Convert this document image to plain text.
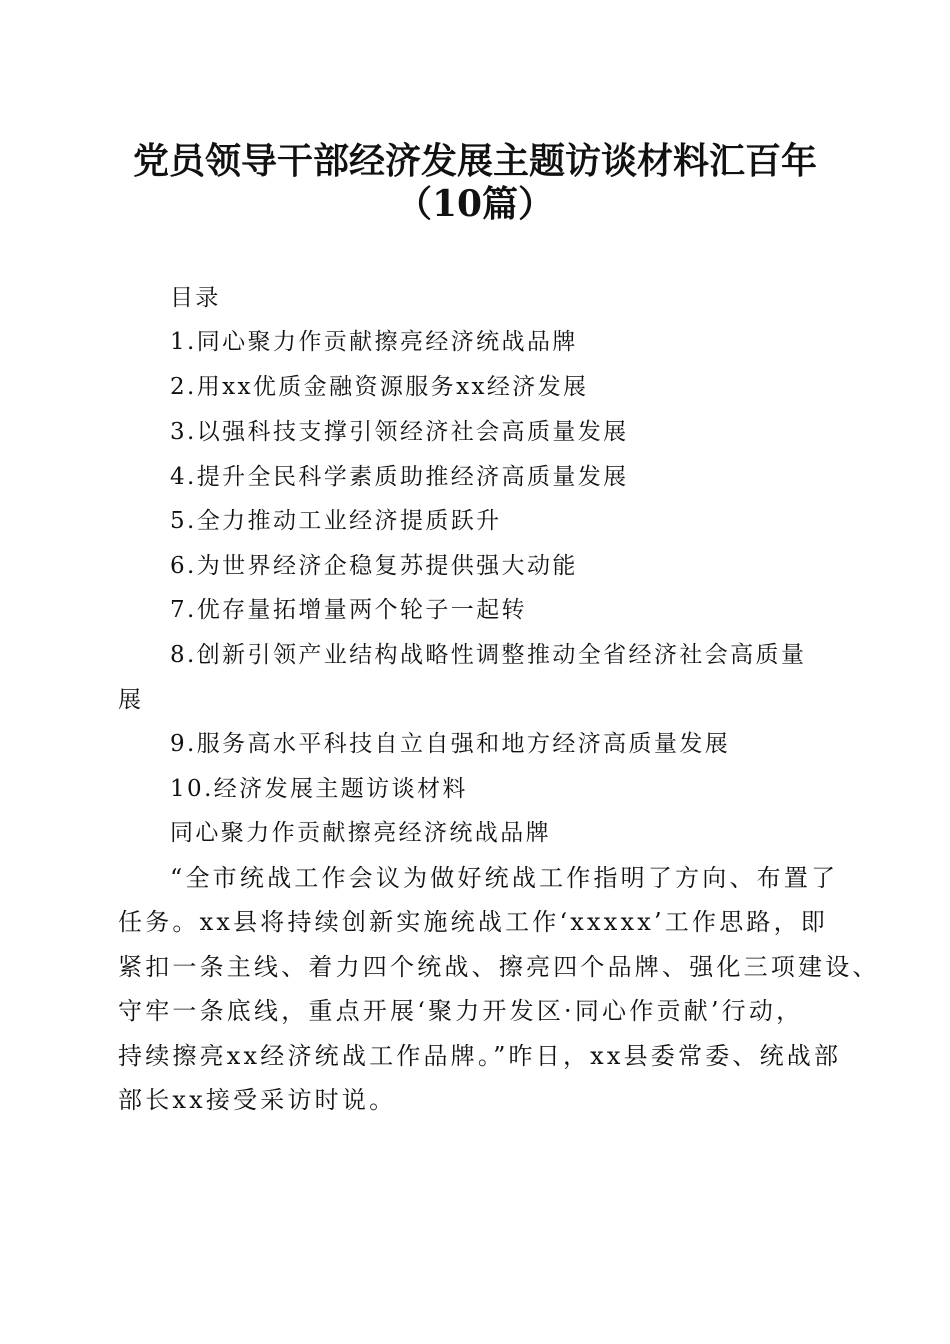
党员领导干部经济发展主题访谈材料汇百年
目录
1.同心聚力作贡献擦亮经济统战品牌
2.用xx优质金融资源服务xx经济发展
3.以强科技支撑引领经济社会高质量发展
4.提升全民科学素质助推经济高质量发展
5.全力推动工业经济提质跃升
6.为世界经济企稳复苏提供强大动能
7.优存量拓增量两个轮子一起转
8.创新引领产业结构战略性调整推动全省经济社会高质量
展
9.服务高水平科技自立自强和地方经济高质量发展
10.经济发展主题访谈材料
同心聚力作贡献擦亮经济统战品牌
“全市统战工作会议为做好统战工作指明了方向、布置了
任务。xx县将持续创新实施统战工作‘xxxxx’工作思路，即
紧扣一条主线、着力四个统战、擦亮四个品牌、强化三项建设、
守牢一条底线，重点开展‘聚力开发区·同心作贡献’行动，
持续擦亮xx经济统战工作品牌。”昨日，xx县委常委、统战部
部长xx接受采访时说。
（10篇）
